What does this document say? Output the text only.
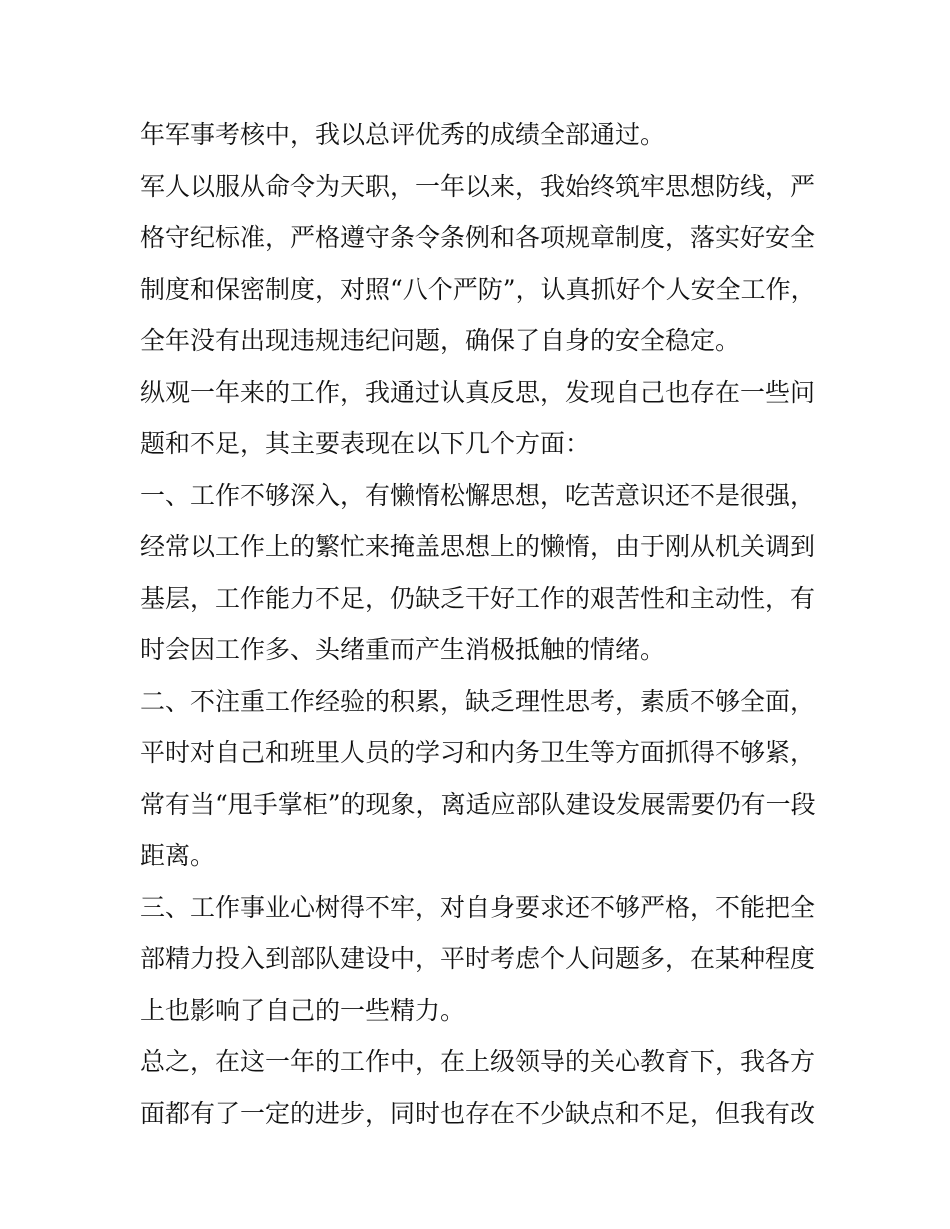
年军事考核中，我以总评优秀的成绩全部通过。

军人以服从命令为天职，一年以来，我始终筑牢思想防线，严
格守纪标准，严格遵守条令条例和各项规章制度，落实好安全
制度和保密制度，对照“八个严防”，认真抓好个人安全工作，
全年没有出现违规违纪问题，确保了自身的安全稳定。

纵观一年来的工作，我通过认真反思，发现自己也存在一些问
题和不足，其主要表现在以下几个方面：

一、工作不够深入，有懒惰松懈思想，吃苦意识还不是很强，
经常以工作上的繁忙来掩盖思想上的懒惰，由于刚从机关调到
基层，工作能力不足，仍缺乏干好工作的艰苦性和主动性，有
时会因工作多、头绪重而产生消极抵触的情绪。

二、不注重工作经验的积累，缺乏理性思考，素质不够全面，
平时对自己和班里人员的学习和内务卫生等方面抓得不够紧，
常有当“甩手掌柜”的现象，离适应部队建设发展需要仍有一段
距离。

三、工作事业心树得不牢，对自身要求还不够严格，不能把全
部精力投入到部队建设中，平时考虑个人问题多，在某种程度
上也影响了自己的一些精力。

总之，在这一年的工作中，在上级领导的关心教育下，我各方
面都有了一定的进步，同时也存在不少缺点和不足，但我有改
